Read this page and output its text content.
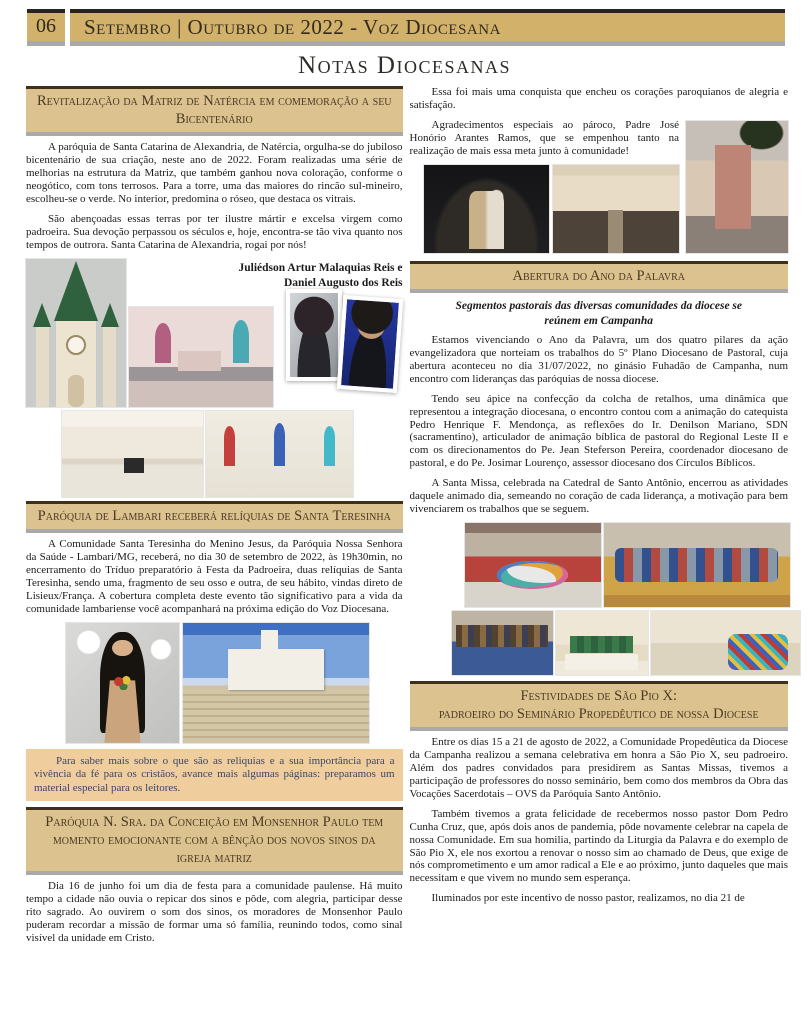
06	Setembro | Outubro de 2022 - Voz Diocesana
Notas Diocesanas
Revitalização da Matriz de Natércia em comemoração a seu Bicentenário

A paróquia de Santa Catarina de Alexandria, de Natércia, orgulha-se do jubiloso bicentenário de sua criação, neste ano de 2022. Foram realizadas uma série de melhorias na estrutura da Matriz, que também ganhou nova coloração, conforme o neogótico, com tons terrosos. Para a torre, uma das maiores do rincão sul-mineiro, escolheu-se o verde. No interior, predomina o róseo, que destaca os vitrais.

São abençoadas essas terras por ter ilustre mártir e excelsa virgem como padroeira. Sua devoção perpassou os séculos e, hoje, encontra-se tão viva quanto nos tempos de outrora. Santa Catarina de Alexandria, rogai por nós!

Juliédson Artur Malaquias Reis e
Daniel Augusto dos Reis
Paróquia de Lambari receberá relíquias de Santa Teresinha

A Comunidade Santa Teresinha do Menino Jesus, da Paróquia Nossa Senhora da Saúde - Lambari/MG, receberá, no dia 30 de setembro de 2022, às 19h30min, no encerramento do Tríduo preparatório à Festa da Padroeira, duas relíquias de Santa Teresinha, sendo uma, fragmento de seu osso e outra, de seu hábito, vindas direto de Lisieux/França. A cobertura completa deste evento tão significativo para a vida da comunidade lambariense você acompanhará na próxima edição do Voz Diocesana.

Para saber mais sobre o que são as reliquias e a sua importância para a vivência da fé para os cristãos, avance mais algumas páginas: preparamos um material especial para os leitores.
Paróquia N. Sra. da Conceição em Monsenhor Paulo tem momento emocionante com a bênção dos novos sinos da igreja matriz

Dia 16 de junho foi um dia de festa para a comunidade paulense. Há muito tempo a cidade não ouvia o repicar dos sinos e pôde, com alegria, participar desse rito sagrado. Ao ouvirem o som dos sinos, os moradores de Monsenhor Paulo puderam recordar a missão de formar uma só família, reunindo todos, como sinal visível da unidade em Cristo.

Essa foi mais uma conquista que encheu os corações paroquianos de alegria e satisfação.

Agradecimentos especiais ao pároco, Padre José Honório Arantes Ramos, que se empenhou tanto na realização de mais essa meta junto à comunidade!

Abertura do Ano da Palavra
Segmentos pastorais das diversas comunidades da diocese se reúnem em Campanha

Estamos vivenciando o Ano da Palavra, um dos quatro pilares da ação evangelizadora que norteiam os trabalhos do 5º Plano Diocesano de Pastoral, cuja abertura aconteceu no dia 31/07/2022, no ginásio Fuhadão de Campanha, num encontro com lideranças das paróquias de nossa diocese.

Tendo seu ápice na confecção da colcha de retalhos, uma dinâmica que representou a integração diocesana, o encontro contou com a animação do catequista Pedro Henrique F. Mendonça, as reflexões do Ir. Denilson Mariano, SDN (sacramentino), articulador de animação bíblica de pastoral do Regional Leste II e com os direcionamentos do Pe. Jean Steferson Pereira, coordenador diocesano de pastoral, e do Pe. Josimar Lourenço, assessor diocesano dos Círculos Bíblicos.

A Santa Missa, celebrada na Catedral de Santo Antônio, encerrou as atividades daquele animado dia, semeando no coração de cada liderança, a motivação para bem vivenciarem os trabalhos que se seguem.

Festividades de São Pio X:
padroeiro do Seminário Propedêutico de nossa Diocese

Entre os dias 15 a 21 de agosto de 2022, a Comunidade Propedêutica da Diocese da Campanha realizou a semana celebrativa em honra a São Pio X, seu padroeiro. Além dos padres convidados para presidirem as Santas Missas, tivemos a participação de professores do nosso seminário, bem como dos membros da Obra das Vocações Sacerdotais – OVS da Paróquia Santo Antônio.

Também tivemos a grata felicidade de recebermos nosso pastor Dom Pedro Cunha Cruz, que, após dois anos de pandemia, pôde novamente celebrar na capela de nossa Comunidade. Em sua homilia, partindo da Liturgia da Palavra e do exemplo de São Pio X, ele nos exortou a renovar o nosso sim ao chamado de Deus, que exige de nós comprometimento e um amor radical a Ele e ao próximo, junto daqueles que mais necessitam e que vivem no mundo sem esperança.

Iluminados por este incentivo de nosso pastor, realizamos, no dia 21 de
